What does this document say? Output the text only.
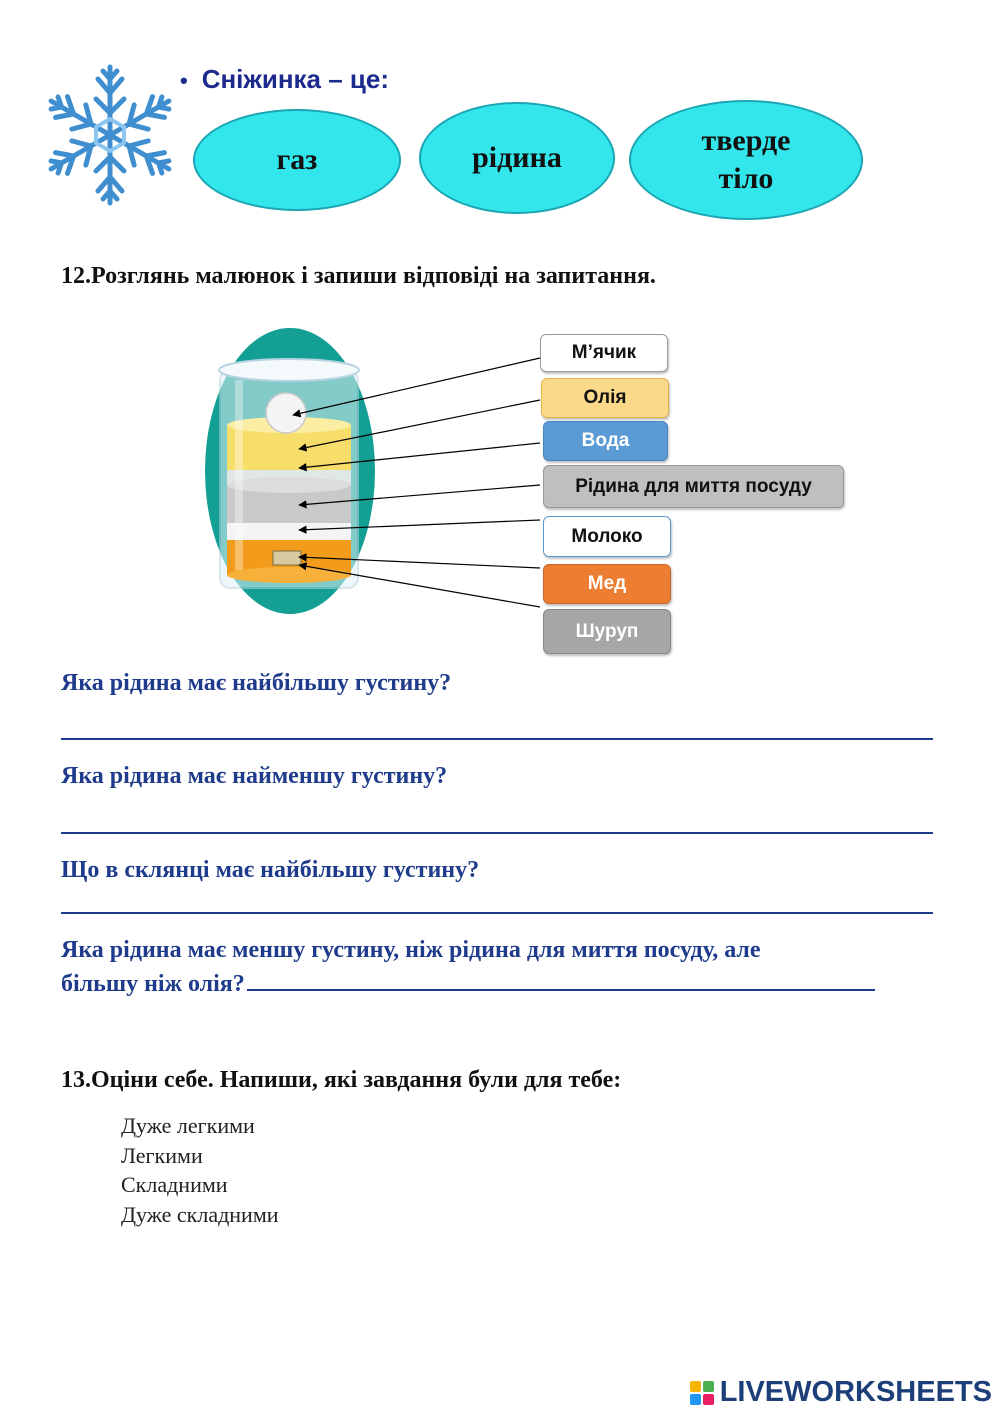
• Сніжинка – це:
газ	рідина
тверде
тіло
12.Розглянь малюнок і запиши відповіді на запитання.
М’ячик
Олія
Вода
Рідина для миття посуду
Молоко
Мед
Шуруп
Яка рідина має найбільшу густину?
Яка рідина має найменшу густину?
Що в склянці має найбільшу густину?
Яка рідина має меншу густину, ніж рідина для миття посуду, але
більшу ніж олія?
13.Оціни себе. Напиши, які завдання були для тебе:
Дуже легкими
Легкими
Складними
Дуже складними
LIVEWORKSHEETS
